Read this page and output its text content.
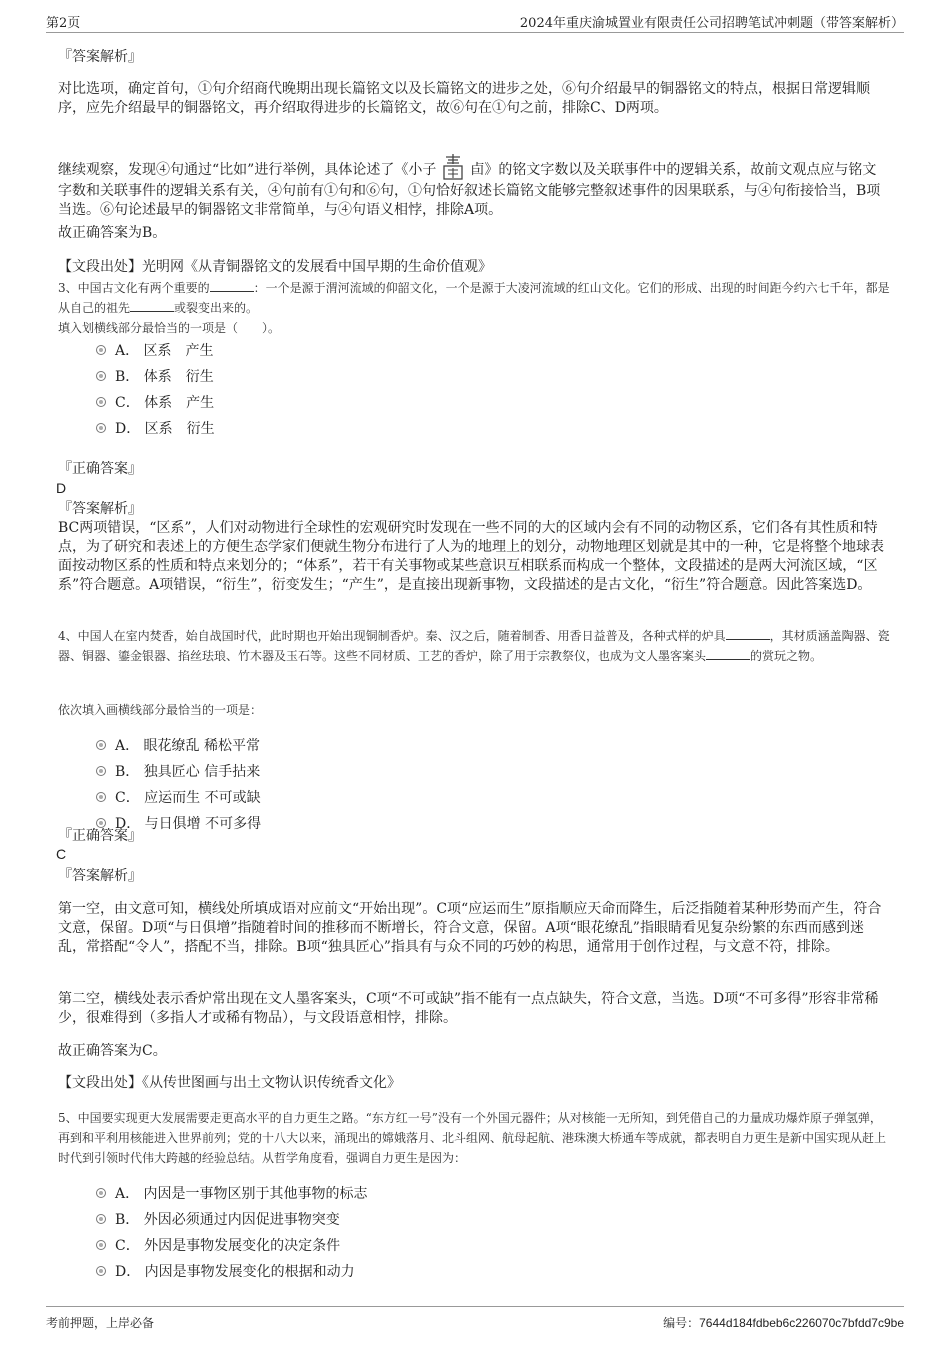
第2页	2024年重庆渝城置业有限责任公司招聘笔试冲刺题（带答案解析）

『答案解析』

对比选项，确定首句，①句介绍商代晚期出现长篇铭文以及长篇铭文的进步之处，⑥句介绍最早的铜器铭文的特点，根据日常逻辑顺序，应先介绍最早的铜器铭文，再介绍取得进步的长篇铭文，故⑥句在①句之前，排除C、D两项。

继续观察，发现④句通过“比如”进行举例，具体论述了《小子 卣》的铭文字数以及关联事件中的逻辑关系，故前文观点应与铭文字数和关联事件的逻辑关系有关，④句前有①句和⑥句，①句恰好叙述长篇铭文能够完整叙述事件的因果联系，与④句衔接恰当，B项当选。⑥句论述最早的铜器铭文非常简单，与④句语义相悖，排除A项。

故正确答案为B。

【文段出处】光明网《从青铜器铭文的发展看中国早期的生命价值观》

3、中国古文化有两个重要的	：一个是源于渭河流域的仰韶文化，一个是源于大凌河流域的红山文化。它们的形成、出现的时间距今约六七千年，都是从自己的祖先	或裂变出来的。

填入划横线部分最恰当的一项是（　　）。

A． 区系　产生
B． 体系　衍生
C． 体系　产生
D． 区系　衍生

『正确答案』

D

『答案解析』

BC两项错误，“区系”，人们对动物进行全球性的宏观研究时发现在一些不同的大的区域内会有不同的动物区系，它们各有其性质和特点，为了研究和表述上的方便生态学家们便就生物分布进行了人为的地理上的划分，动物地理区划就是其中的一种，它是将整个地球表面按动物区系的性质和特点来划分的；“体系”，若干有关事物或某些意识互相联系而构成一个整体，文段描述的是两大河流区域，“区系”符合题意。A项错误，“衍生”，衍变发生；“产生”，是直接出现新事物，文段描述的是古文化，“衍生”符合题意。因此答案选D。

4、中国人在室内焚香，始自战国时代，此时期也开始出现铜制香炉。秦、汉之后，随着制香、用香日益普及，各种式样的炉具	，其材质涵盖陶器、瓷器、铜器、鎏金银器、掐丝珐琅、竹木器及玉石等。这些不同材质、工艺的香炉，除了用于宗教祭仪，也成为文人墨客案头	的赏玩之物。

依次填入画横线部分最恰当的一项是：

A． 眼花缭乱 稀松平常
B． 独具匠心 信手拈来
C． 应运而生 不可或缺
D． 与日俱增 不可多得

『正确答案』

C

『答案解析』

第一空，由文意可知，横线处所填成语对应前文“开始出现”。C项“应运而生”原指顺应天命而降生，后泛指随着某种形势而产生，符合文意，保留。D项“与日俱增”指随着时间的推移而不断增长，符合文意，保留。A项“眼花缭乱”指眼睛看见复杂纷繁的东西而感到迷乱，常搭配“令人”，搭配不当，排除。B项“独具匠心”指具有与众不同的巧妙的构思，通常用于创作过程，与文意不符，排除。

第二空，横线处表示香炉常出现在文人墨客案头，C项“不可或缺”指不能有一点点缺失，符合文意，当选。D项“不可多得”形容非常稀少，很难得到（多指人才或稀有物品），与文段语意相悖，排除。

故正确答案为C。

【文段出处】《从传世图画与出土文物认识传统香文化》

5、中国要实现更大发展需要走更高水平的自力更生之路。“东方红一号”没有一个外国元器件；从对核能一无所知，到凭借自己的力量成功爆炸原子弹氢弹，再到和平利用核能进入世界前列；党的十八大以来，涌现出的嫦娥落月、北斗组网、航母起航、港珠澳大桥通车等成就，都表明自力更生是新中国实现从赶上时代到引领时代伟大跨越的经验总结。从哲学角度看，强调自力更生是因为：

A． 内因是一事物区别于其他事物的标志
B． 外因必须通过内因促进事物突变
C． 外因是事物发展变化的决定条件
D． 内因是事物发展变化的根据和动力
考前押题，上岸必备	编号：7644d184fdbeb6c226070c7bfdd7c9be
